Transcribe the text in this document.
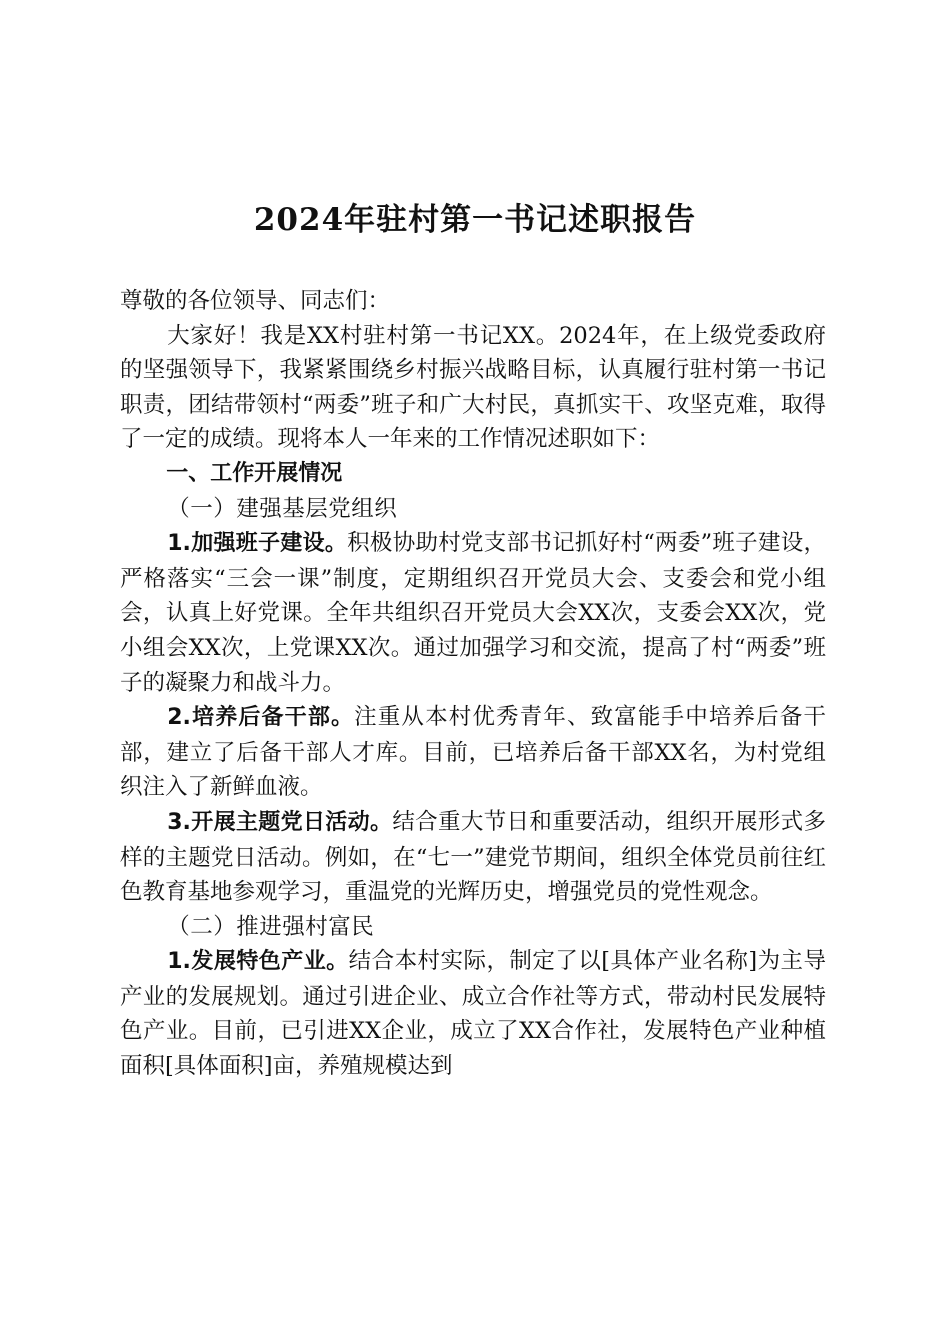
2024年驻村第一书记述职报告

尊敬的各位领导、同志们：

大家好！我是XX村驻村第一书记XX。2024年，在上级党委政府的坚强领导下，我紧紧围绕乡村振兴战略目标，认真履行驻村第一书记职责，团结带领村“两委”班子和广大村民，真抓实干、攻坚克难，取得了一定的成绩。现将本人一年来的工作情况述职如下：

一、工作开展情况

（一）建强基层党组织

1.加强班子建设。积极协助村党支部书记抓好村“两委”班子建设，严格落实“三会一课”制度，定期组织召开党员大会、支委会和党小组会，认真上好党课。全年共组织召开党员大会XX次，支委会XX次，党小组会XX次，上党课XX次。通过加强学习和交流，提高了村“两委”班子的凝聚力和战斗力。

2.培养后备干部。注重从本村优秀青年、致富能手中培养后备干部，建立了后备干部人才库。目前，已培养后备干部XX名，为村党组织注入了新鲜血液。

3.开展主题党日活动。结合重大节日和重要活动，组织开展形式多样的主题党日活动。例如，在“七一”建党节期间，组织全体党员前往红色教育基地参观学习，重温党的光辉历史，增强党员的党性观念。

（二）推进强村富民

1.发展特色产业。结合本村实际，制定了以[具体产业名称]为主导产业的发展规划。通过引进企业、成立合作社等方式，带动村民发展特色产业。目前，已引进XX企业，成立了XX合作社，发展特色产业种植面积[具体面积]亩，养殖规模达到
